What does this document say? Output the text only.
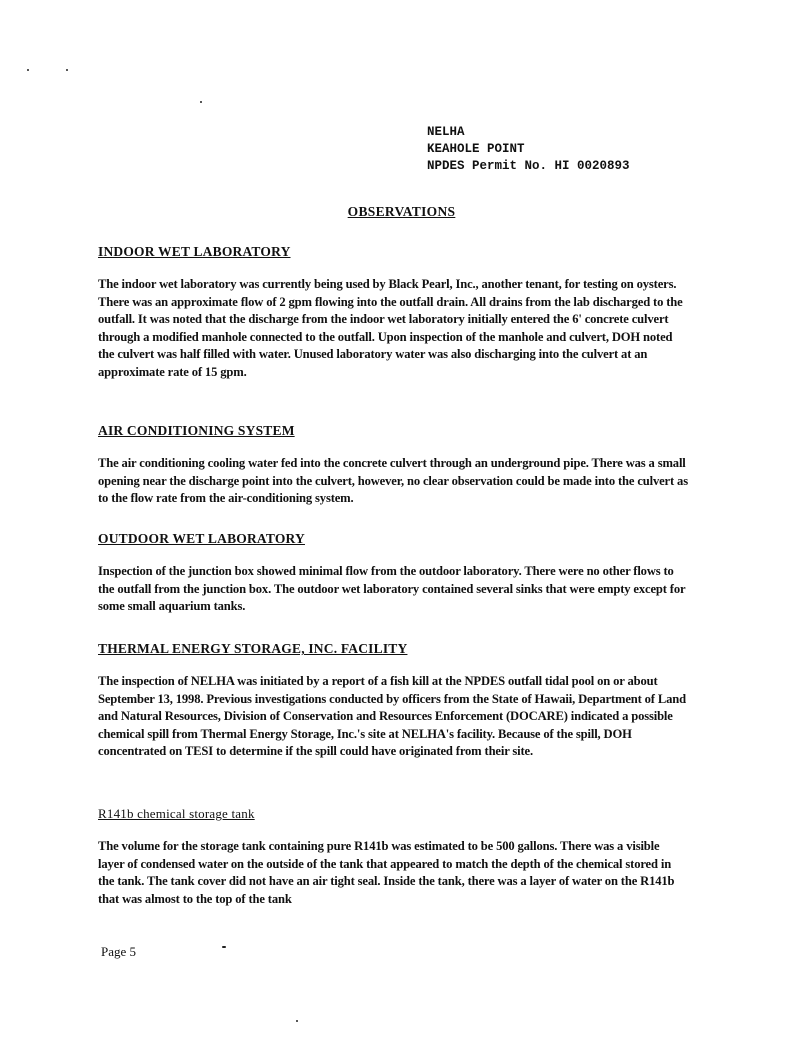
NELHA
KEAHOLE POINT
NPDES Permit No. HI 0020893
OBSERVATIONS
INDOOR WET LABORATORY

The indoor wet laboratory was currently being used by Black Pearl, Inc., another tenant, for testing on oysters. There was an approximate flow of 2 gpm flowing into the outfall drain. All drains from the lab discharged to the outfall. It was noted that the discharge from the indoor wet laboratory initially entered the 6' concrete culvert through a modified manhole connected to the outfall. Upon inspection of the manhole and culvert, DOH noted the culvert was half filled with water. Unused laboratory water was also discharging into the culvert at an approximate rate of 15 gpm.

AIR CONDITIONING SYSTEM

The air conditioning cooling water fed into the concrete culvert through an underground pipe. There was a small opening near the discharge point into the culvert, however, no clear observation could be made into the culvert as to the flow rate from the air-conditioning system.

OUTDOOR WET LABORATORY

Inspection of the junction box showed minimal flow from the outdoor laboratory. There were no other flows to the outfall from the junction box. The outdoor wet laboratory contained several sinks that were empty except for some small aquarium tanks.

THERMAL ENERGY STORAGE, INC. FACILITY

The inspection of NELHA was initiated by a report of a fish kill at the NPDES outfall tidal pool on or about September 13, 1998. Previous investigations conducted by officers from the State of Hawaii, Department of Land and Natural Resources, Division of Conservation and Resources Enforcement (DOCARE) indicated a possible chemical spill from Thermal Energy Storage, Inc.'s site at NELHA's facility. Because of the spill, DOH concentrated on TESI to determine if the spill could have originated from their site.

R141b chemical storage tank

The volume for the storage tank containing pure R141b was estimated to be 500 gallons. There was a visible layer of condensed water on the outside of the tank that appeared to match the depth of the chemical stored in the tank. The tank cover did not have an air tight seal. Inside the tank, there was a layer of water on the R141b that was almost to the top of the tank

Page 5
